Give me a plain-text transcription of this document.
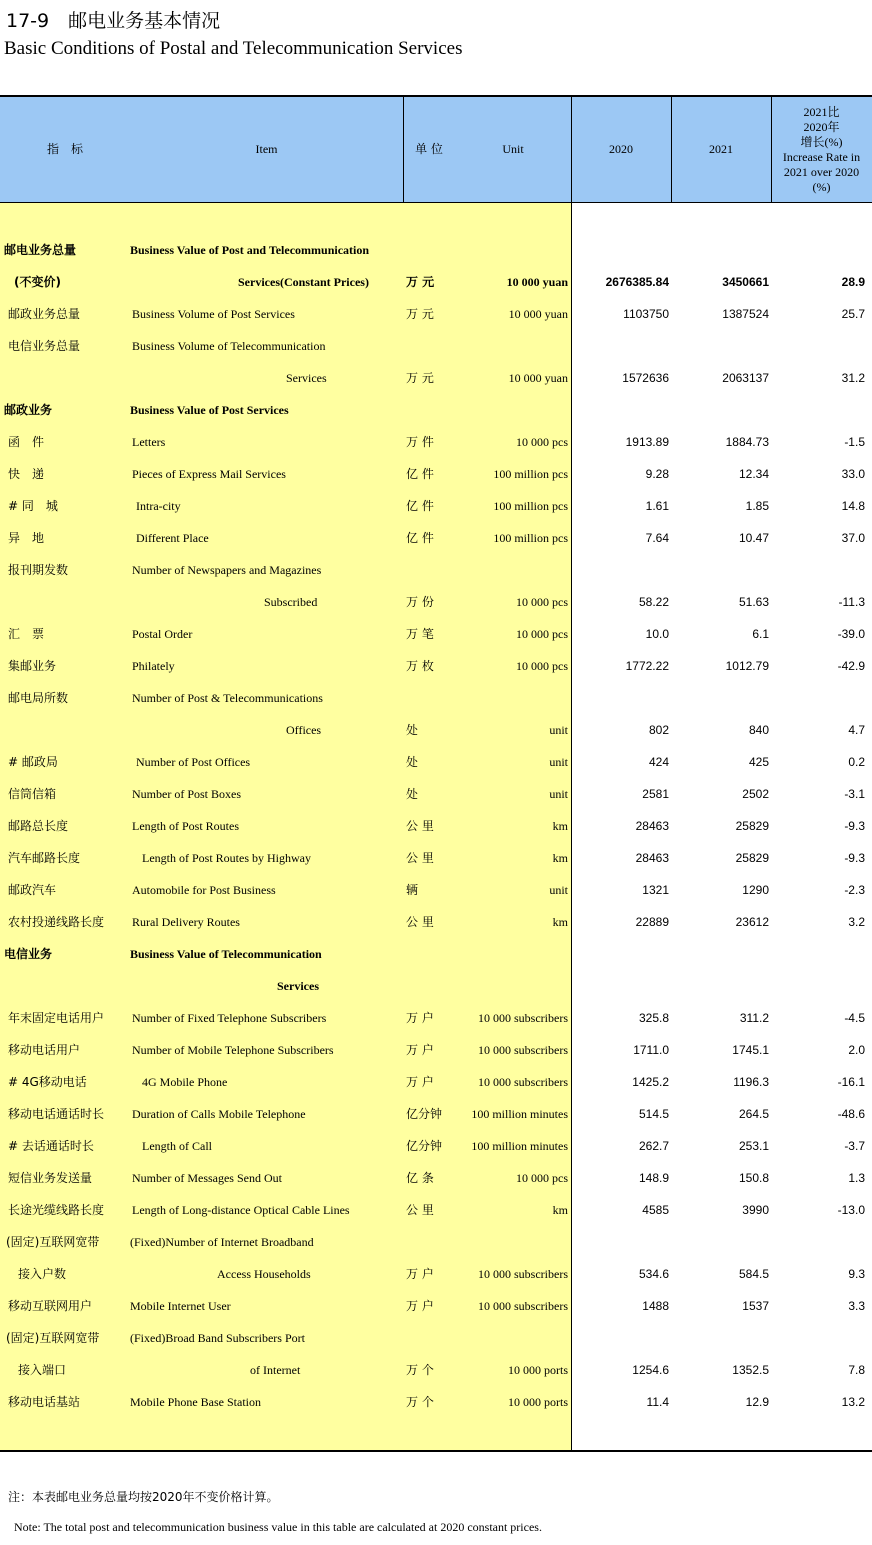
17-9　邮电业务基本情况
Basic Conditions of Postal and Telecommunication Services
指　标	Item	单 位	Unit	2020	2021
2021比
2020年
增长(%)
Increase Rate in
2021 over 2020
(%)
邮电业务总量	Business Value of Post and Telecommunication
(不变价)	Services(Constant Prices)	万 元	10 000 yuan	2676385.84	3450661	28.9
邮政业务总量	Business Volume of Post Services	万 元	10 000 yuan	1103750	1387524	25.7
电信业务总量	Business Volume of Telecommunication
Services	万 元	10 000 yuan	1572636	2063137	31.2
邮政业务	Business Value of Post Services
函　件	Letters	万 件	10 000 pcs	1913.89	1884.73	-1.5
快　递	Pieces of Express Mail Services	亿 件	100 million pcs	9.28	12.34	33.0
# 同　城	Intra-city	亿 件	100 million pcs	1.61	1.85	14.8
异　地	Different Place	亿 件	100 million pcs	7.64	10.47	37.0
报刊期发数	Number of Newspapers and Magazines
Subscribed	万 份	10 000 pcs	58.22	51.63	-11.3
汇　票	Postal Order	万 笔	10 000 pcs	10.0	6.1	-39.0
集邮业务	Philately	万 枚	10 000 pcs	1772.22	1012.79	-42.9
邮电局所数	Number of Post & Telecommunications
Offices	处	unit	802	840	4.7
# 邮政局	Number of Post Offices	处	unit	424	425	0.2
信筒信箱	Number of Post Boxes	处	unit	2581	2502	-3.1
邮路总长度	Length of Post Routes	公 里	km	28463	25829	-9.3
汽车邮路长度	Length of Post Routes by Highway	公 里	km	28463	25829	-9.3
邮政汽车	Automobile for Post Business	辆	unit	1321	1290	-2.3
农村投递线路长度 Rural Delivery Routes	公 里	km	22889	23612	3.2
电信业务	Business Value of Telecommunication
Services
年末固定电话用户 Number of Fixed Telephone Subscribers	万 户	10 000 subscribers	325.8	311.2	-4.5
移动电话用户	Number of Mobile Telephone Subscribers	万 户	10 000 subscribers	1711.0	1745.1	2.0
# 4G移动电话	4G Mobile Phone	万 户	10 000 subscribers	1425.2	1196.3	-16.1
移动电话通话时长 Duration of Calls Mobile Telephone	亿分钟 100 million minutes	514.5	264.5	-48.6
# 去话通话时长	Length of Call	亿分钟 100 million minutes	262.7	253.1	-3.7
短信业务发送量	Number of Messages Send Out	亿 条	10 000 pcs	148.9	150.8	1.3
长途光缆线路长度 Length of Long-distance Optical Cable Lines	公 里	km	4585	3990	-13.0
(固定)互联网宽带	(Fixed)Number of Internet Broadband
接入户数	Access Households	万 户	10 000 subscribers	534.6	584.5	9.3
移动互联网用户	Mobile Internet User	万 户	10 000 subscribers	1488	1537	3.3
(固定)互联网宽带	(Fixed)Broad Band Subscribers Port
接入端口	of Internet	万 个	10 000 ports	1254.6	1352.5	7.8
移动电话基站	Mobile Phone Base Station	万 个	10 000 ports	11.4	12.9	13.2
注：本表邮电业务总量均按2020年不变价格计算。
Note: The total post and telecommunication business value in this table are calculated at 2020 constant prices.
